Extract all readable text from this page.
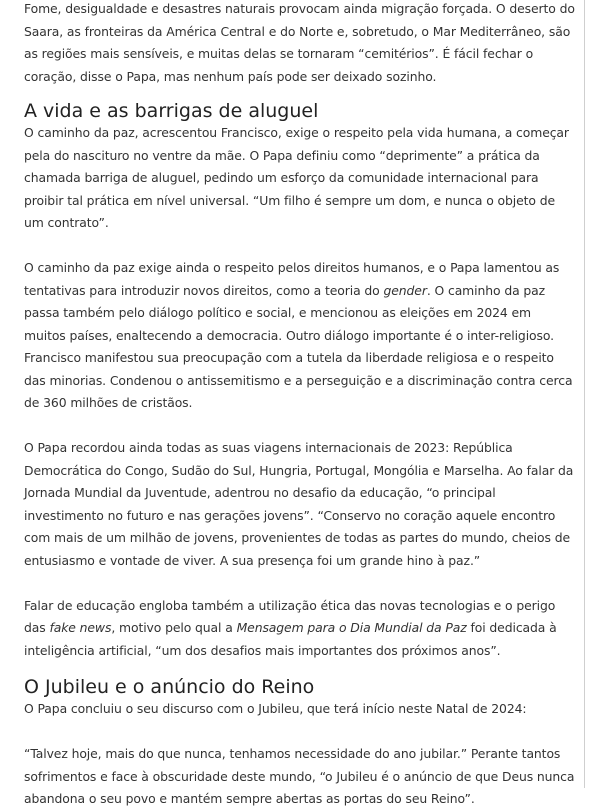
Fome, desigualdade e desastres naturais provocam ainda migração forçada. O deserto do Saara, as fronteiras da América Central e do Norte e, sobretudo, o Mar Mediterrâneo, são as regiões mais sensíveis, e muitas delas se tornaram “cemitérios”. É fácil fechar o coração, disse o Papa, mas nenhum país pode ser deixado sozinho.

A vida e as barrigas de aluguel

O caminho da paz, acrescentou Francisco, exige o respeito pela vida humana, a começar pela do nascituro no ventre da mãe. O Papa definiu como “deprimente” a prática da chamada barriga de aluguel, pedindo um esforço da comunidade internacional para proibir tal prática em nível universal. “Um filho é sempre um dom, e nunca o objeto de um contrato”.

O caminho da paz exige ainda o respeito pelos direitos humanos, e o Papa lamentou as tentativas para introduzir novos direitos, como a teoria do gender. O caminho da paz passa também pelo diálogo político e social, e mencionou as eleições em 2024 em muitos países, enaltecendo a democracia. Outro diálogo importante é o inter-religioso. Francisco manifestou sua preocupação com a tutela da liberdade religiosa e o respeito das minorias. Condenou o antissemitismo e a perseguição e a discriminação contra cerca de 360 milhões de cristãos.

O Papa recordou ainda todas as suas viagens internacionais de 2023: República Democrática do Congo, Sudão do Sul, Hungria, Portugal, Mongólia e Marselha. Ao falar da Jornada Mundial da Juventude, adentrou no desafio da educação, “o principal investimento no futuro e nas gerações jovens”. “Conservo no coração aquele encontro com mais de um milhão de jovens, provenientes de todas as partes do mundo, cheios de entusiasmo e vontade de viver. A sua presença foi um grande hino à paz.”

Falar de educação engloba também a utilização ética das novas tecnologias e o perigo das fake news, motivo pelo qual a Mensagem para o Dia Mundial da Paz foi dedicada à inteligência artificial, “um dos desafios mais importantes dos próximos anos”.

O Jubileu e o anúncio do Reino

O Papa concluiu o seu discurso com o Jubileu, que terá início neste Natal de 2024:

“Talvez hoje, mais do que nunca, tenhamos necessidade do ano jubilar.” Perante tantos sofrimentos e face à obscuridade deste mundo, “o Jubileu é o anúncio de que Deus nunca abandona o seu povo e mantém sempre abertas as portas do seu Reino”.
